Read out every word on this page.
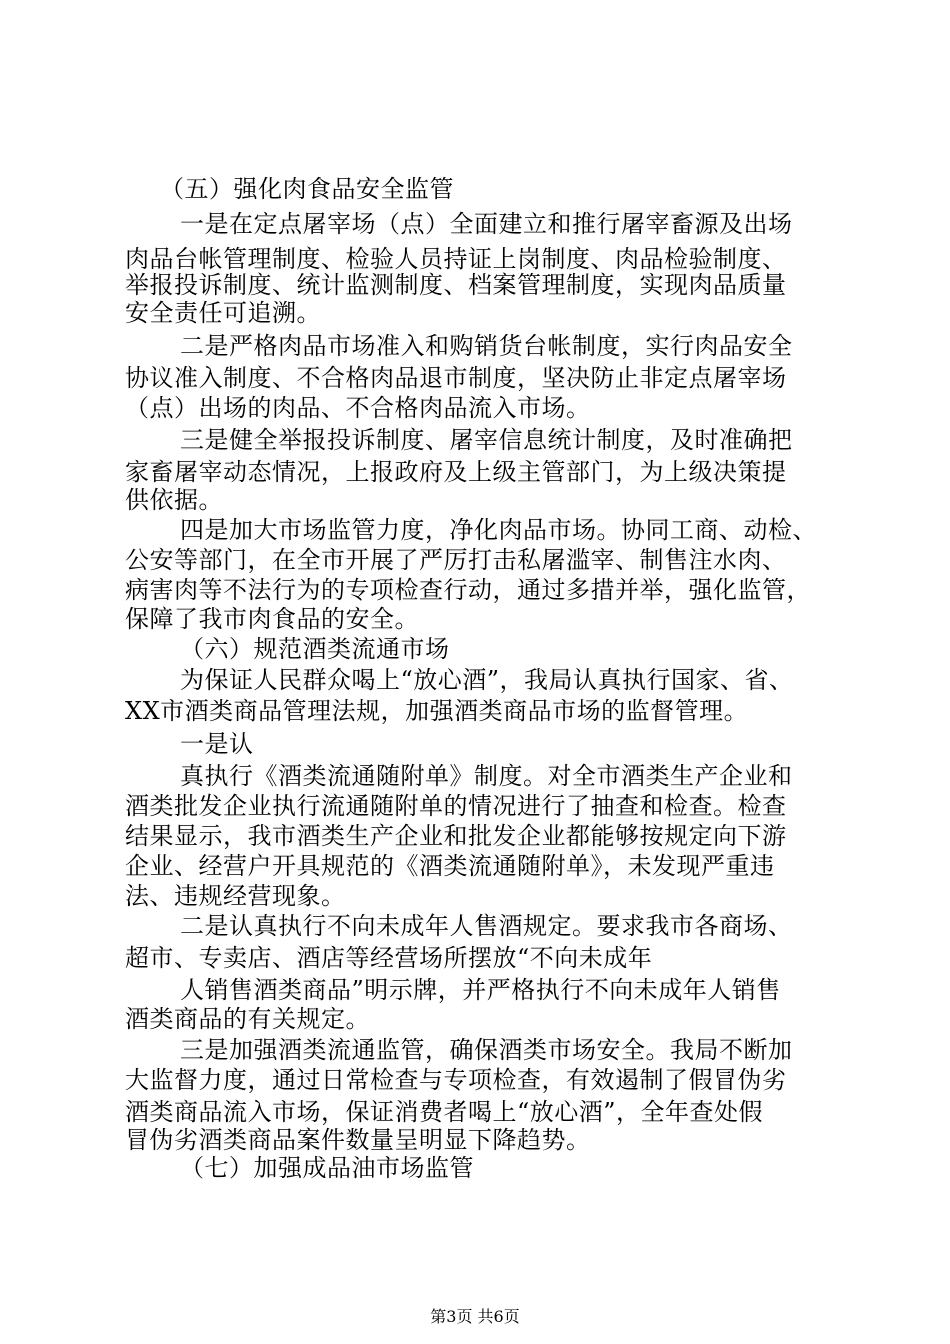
（五）强化肉食品安全监管
一是在定点屠宰场（点）全面建立和推行屠宰畜源及出场
肉品台帐管理制度、检验人员持证上岗制度、肉品检验制度、
举报投诉制度、统计监测制度、档案管理制度，实现肉品质量
安全责任可追溯。
二是严格肉品市场准入和购销货台帐制度，实行肉品安全
协议准入制度、不合格肉品退市制度，坚决防止非定点屠宰场
（点）出场的肉品、不合格肉品流入市场。
三是健全举报投诉制度、屠宰信息统计制度，及时准确把
家畜屠宰动态情况，上报政府及上级主管部门，为上级决策提
供依据。
四是加大市场监管力度，净化肉品市场。协同工商、动检、
公安等部门，在全市开展了严厉打击私屠滥宰、制售注水肉、
病害肉等不法行为的专项检查行动，通过多措并举，强化监管，
保障了我市肉食品的安全。
（六）规范酒类流通市场
为保证人民群众喝上“放心酒”，我局认真执行国家、省、
XX市酒类商品管理法规，加强酒类商品市场的监督管理。
一是认
真执行《酒类流通随附单》制度。对全市酒类生产企业和
酒类批发企业执行流通随附单的情况进行了抽查和检查。检查
结果显示，我市酒类生产企业和批发企业都能够按规定向下游
企业、经营户开具规范的《酒类流通随附单》，未发现严重违
法、违规经营现象。
二是认真执行不向未成年人售酒规定。要求我市各商场、
超市、专卖店、酒店等经营场所摆放“不向未成年
人销售酒类商品”明示牌，并严格执行不向未成年人销售
酒类商品的有关规定。
三是加强酒类流通监管，确保酒类市场安全。我局不断加
大监督力度，通过日常检查与专项检查，有效遏制了假冒伪劣
酒类商品流入市场，保证消费者喝上“放心酒”，全年查处假
冒伪劣酒类商品案件数量呈明显下降趋势。
（七）加强成品油市场监管
第3页 共6页
